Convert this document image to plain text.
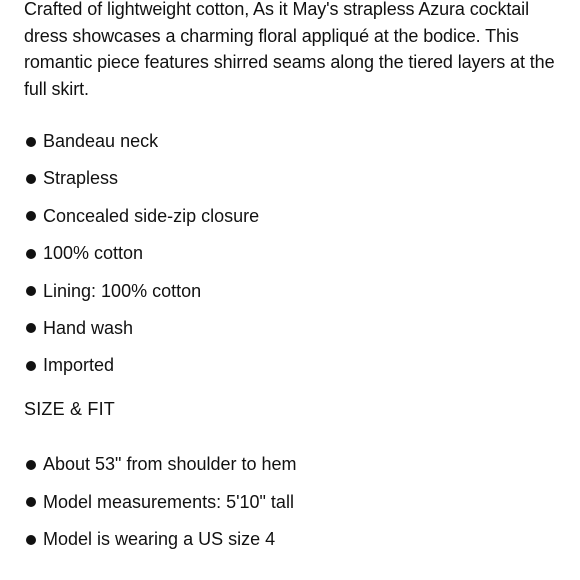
Crafted of lightweight cotton, As it May's strapless Azura cocktail dress showcases a charming floral appliqué at the bodice. This romantic piece features shirred seams along the tiered layers at the full skirt.

Bandeau neck
Strapless
Concealed side-zip closure
100% cotton
Lining: 100% cotton
Hand wash
Imported
SIZE & FIT
About 53" from shoulder to hem
Model measurements: 5'10" tall
Model is wearing a US size 4
